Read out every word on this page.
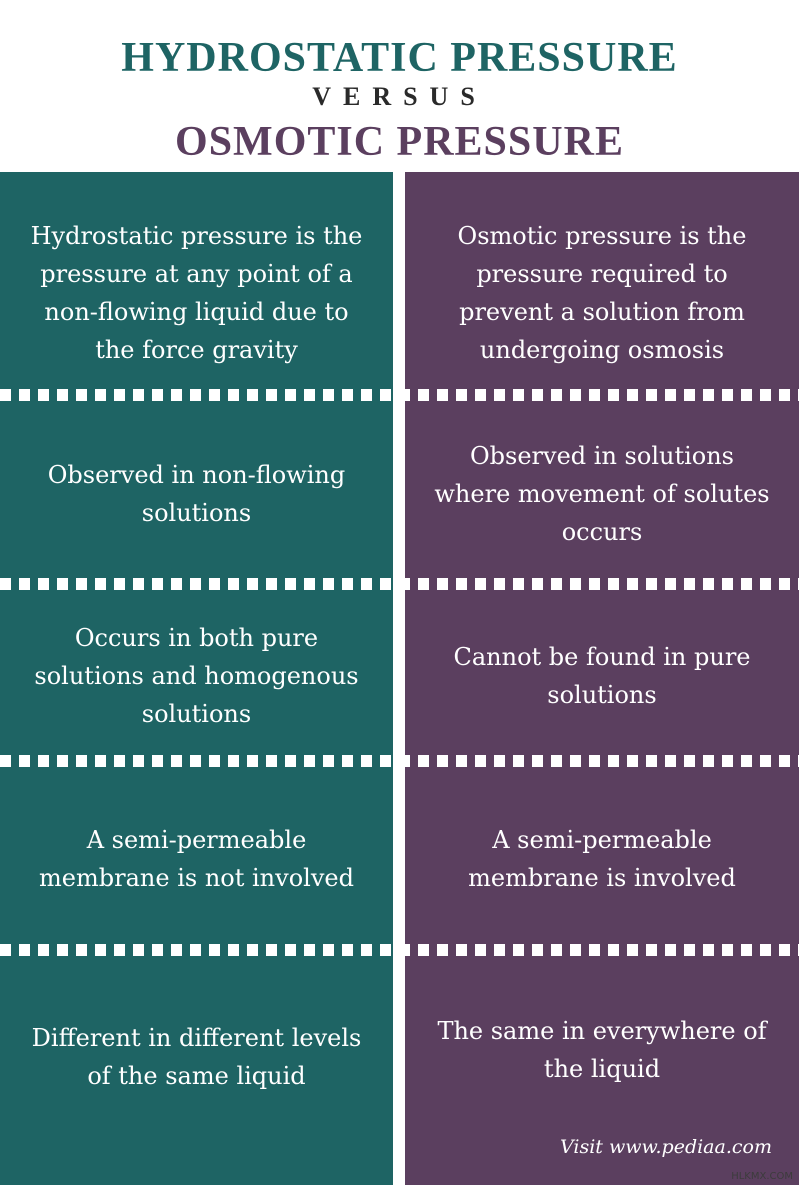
HYDROSTATIC PRESSURE
VERSUS
OSMOTIC PRESSURE
Hydrostatic pressure is the pressure at any point of a non-flowing liquid due to the force gravity
Observed in non-flowing solutions
Occurs in both pure solutions and homogenous solutions
A semi-permeable membrane is not involved
Different in different levels of the same liquid
Osmotic pressure is the pressure required to prevent a solution from undergoing osmosis
Observed in solutions where movement of solutes occurs
Cannot be found in pure solutions
A semi-permeable membrane is involved
The same in everywhere of the liquid
Visit www.pediaa.com
HLKMX.COM
